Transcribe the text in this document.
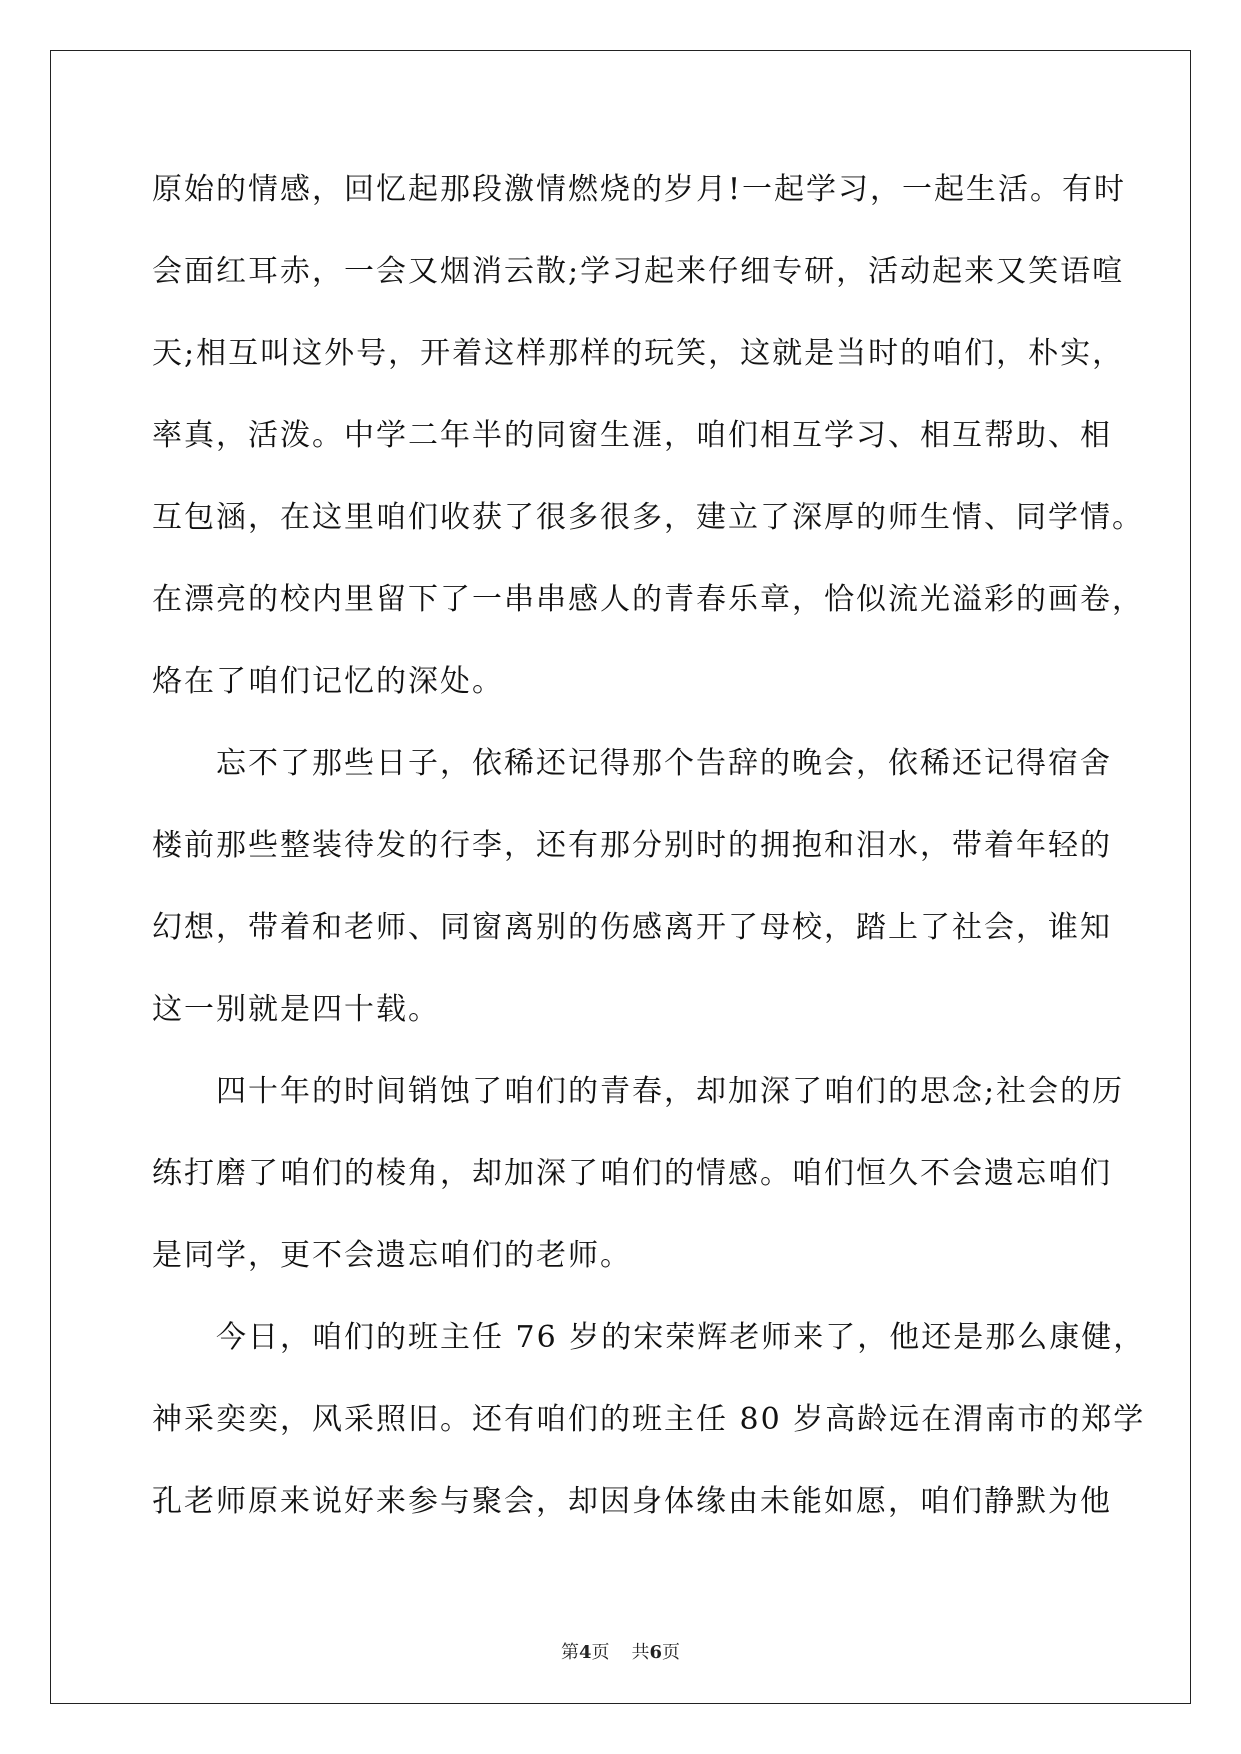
原始的情感，回忆起那段激情燃烧的岁月!一起学习，一起生活。有时
会面红耳赤，一会又烟消云散;学习起来仔细专研，活动起来又笑语喧
天;相互叫这外号，开着这样那样的玩笑，这就是当时的咱们，朴实，
率真，活泼。中学二年半的同窗生涯，咱们相互学习、相互帮助、相
互包涵，在这里咱们收获了很多很多，建立了深厚的师生情、同学情。
在漂亮的校内里留下了一串串感人的青春乐章，恰似流光溢彩的画卷，
烙在了咱们记忆的深处。
忘不了那些日子，依稀还记得那个告辞的晚会，依稀还记得宿舍
楼前那些整装待发的行李，还有那分别时的拥抱和泪水，带着年轻的
幻想，带着和老师、同窗离别的伤感离开了母校，踏上了社会，谁知
这一别就是四十载。
四十年的时间销蚀了咱们的青春，却加深了咱们的思念;社会的历
练打磨了咱们的棱角，却加深了咱们的情感。咱们恒久不会遗忘咱们
是同学，更不会遗忘咱们的老师。
今日，咱们的班主任 76 岁的宋荣辉老师来了，他还是那么康健，
神采奕奕，风采照旧。还有咱们的班主任 80 岁高龄远在渭南市的郑学
孔老师原来说好来参与聚会，却因身体缘由未能如愿，咱们静默为他
第4页 共6页
